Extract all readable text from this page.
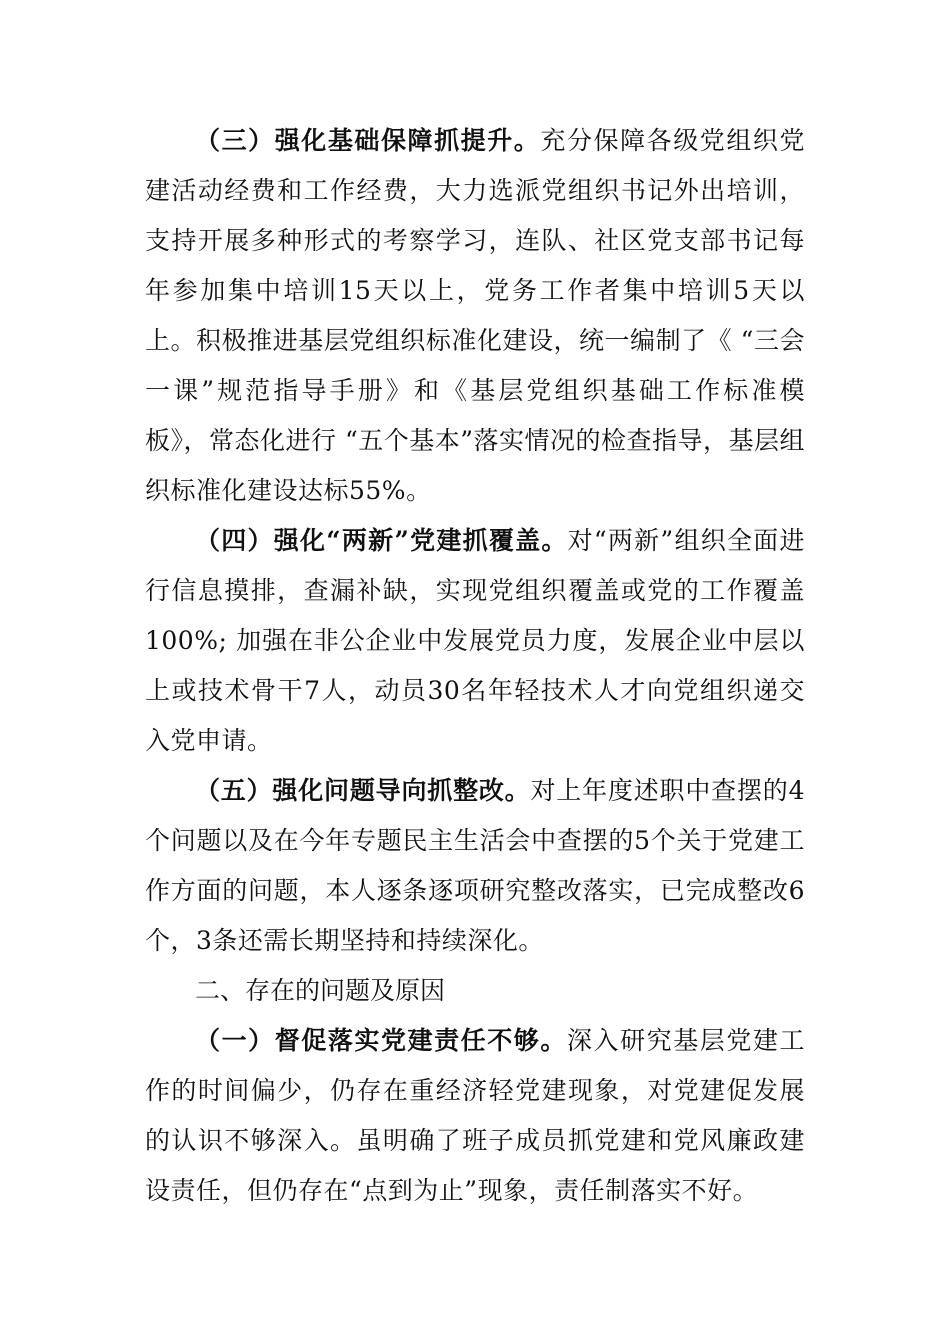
（三）强化基础保障抓提升。充分保障各级党组织党建活动经费和工作经费，大力选派党组织书记外出培训，支持开展多种形式的考察学习，连队、社区党支部书记每年参加集中培训15天以上，党务工作者集中培训5天以上。积极推进基层党组织标准化建设，统一编制了《 “三会一课”规范指导手册》和《基层党组织基础工作标准模板》，常态化进行 “五个基本”落实情况的检查指导，基层组织标准化建设达标55%。

（四）强化“两新”党建抓覆盖。对“两新”组织全面进行信息摸排，查漏补缺，实现党组织覆盖或党的工作覆盖100%; 加强在非公企业中发展党员力度，发展企业中层以上或技术骨干7人，动员30名年轻技术人才向党组织递交入党申请。

（五）强化问题导向抓整改。对上年度述职中查摆的4个问题以及在今年专题民主生活会中查摆的5个关于党建工作方面的问题，本人逐条逐项研究整改落实，已完成整改6个，3条还需长期坚持和持续深化。

二、存在的问题及原因

（一）督促落实党建责任不够。深入研究基层党建工作的时间偏少，仍存在重经济轻党建现象，对党建促发展的认识不够深入。虽明确了班子成员抓党建和党风廉政建设责任，但仍存在“点到为止”现象，责任制落实不好。
